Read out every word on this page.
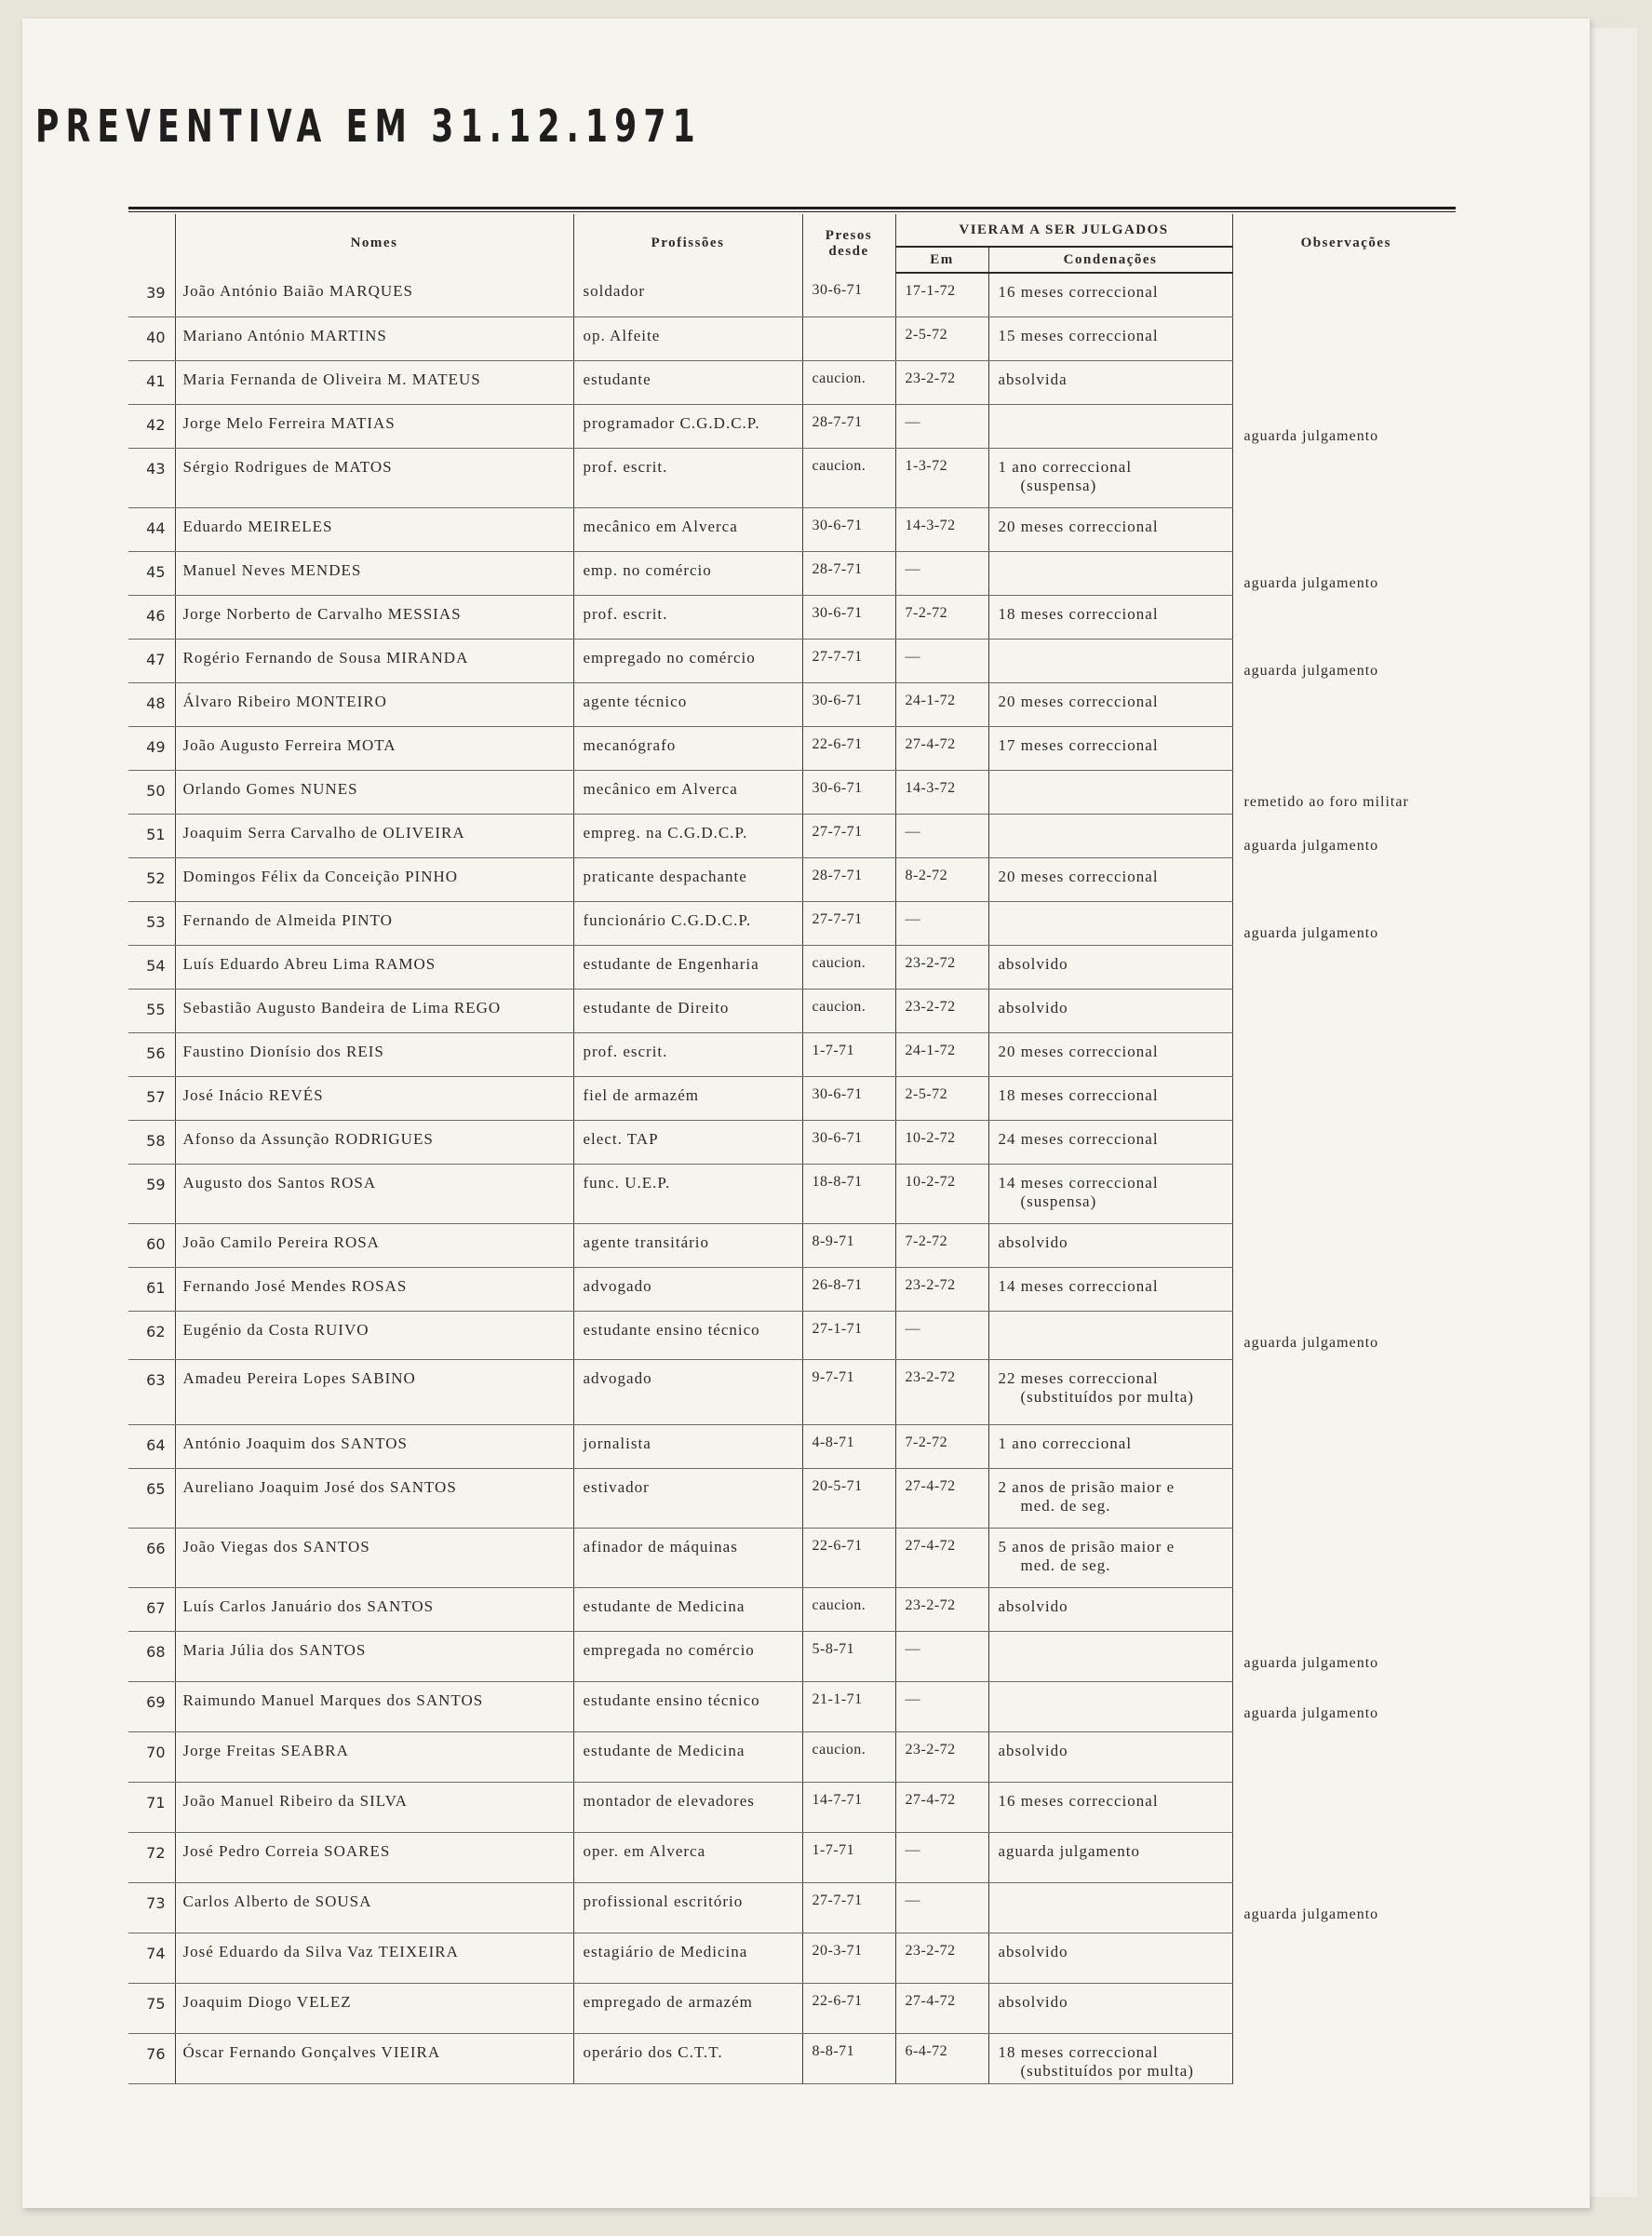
PREVENTIVA EM 31.12.1971
	Nomes	Profissões	Presos desde	VIERAM A SER JULGADOS		Observações
				Em	Condenações	
39	João António Baião MARQUES	soldador	30-6-71	17-1-72	16 meses correccional	
40	Mariano António MARTINS	op. Alfeite		2-5-72	15 meses correccional	
41	Maria Fernanda de Oliveira M. MATEUS	estudante	caucion.	23-2-72	absolvida	
42	Jorge Melo Ferreira MATIAS	programador C.G.D.C.P.	28-7-71	—		aguarda julgamento
43	Sérgio Rodrigues de MATOS	prof. escrit.	caucion.	1-3-72	1 ano correccional
(suspensa)	

44	Eduardo MEIRELES	mecânico em Alverca	30-6-71	14-3-72	20 meses correccional	
45	Manuel Neves MENDES	emp. no comércio	28-7-71	—		aguarda julgamento
46	Jorge Norberto de Carvalho MESSIAS	prof. escrit.	30-6-71	7-2-72	18 meses correccional	
47	Rogério Fernando de Sousa MIRANDA	empregado no comércio	27-7-71	—		aguarda julgamento
48	Álvaro Ribeiro MONTEIRO	agente técnico	30-6-71	24-1-72	20 meses correccional	
49	João Augusto Ferreira MOTA	mecanógrafo	22-6-71	27-4-72	17 meses correccional	
50	Orlando Gomes NUNES	mecânico em Alverca	30-6-71	14-3-72		remetido ao foro militar
51	Joaquim Serra Carvalho de OLIVEIRA	empreg. na C.G.D.C.P.	27-7-71	—		aguarda julgamento
52	Domingos Félix da Conceição PINHO	praticante despachante	28-7-71	8-2-72	20 meses correccional	
53	Fernando de Almeida PINTO	funcionário C.G.D.C.P.	27-7-71	—		aguarda julgamento
54	Luís Eduardo Abreu Lima RAMOS	estudante de Engenharia	caucion.	23-2-72	absolvido	
55	Sebastião Augusto Bandeira de Lima REGO	estudante de Direito	caucion.	23-2-72	absolvido	
56	Faustino Dionísio dos REIS	prof. escrit.	1-7-71	24-1-72	20 meses correccional	
57	José Inácio REVÉS	fiel de armazém	30-6-71	2-5-72	18 meses correccional	
58	Afonso da Assunção RODRIGUES	elect. TAP	30-6-71	10-2-72	24 meses correccional	
59	Augusto dos Santos ROSA	func. U.E.P.	18-8-71	10-2-72	14 meses correccional
(suspensa)	

60	João Camilo Pereira ROSA	agente transitário	8-9-71	7-2-72	absolvido	
61	Fernando José Mendes ROSAS	advogado	26-8-71	23-2-72	14 meses correccional	
62	Eugénio da Costa RUIVO	estudante ensino técnico	27-1-71	—		aguarda julgamento
63	Amadeu Pereira Lopes SABINO	advogado	9-7-71	23-2-72	22 meses correccional
(substituídos por multa)	

64	António Joaquim dos SANTOS	jornalista	4-8-71	7-2-72	1 ano correccional	
65	Aureliano Joaquim José dos SANTOS	estivador	20-5-71	27-4-72	2 anos de prisão maior e
med. de seg.	

66	João Viegas dos SANTOS	afinador de máquinas	22-6-71	27-4-72	5 anos de prisão maior e
med. de seg.	

67	Luís Carlos Januário dos SANTOS	estudante de Medicina	caucion.	23-2-72	absolvido	
68	Maria Júlia dos SANTOS	empregada no comércio	5-8-71	—		aguarda julgamento
69	Raimundo Manuel Marques dos SANTOS	estudante ensino técnico	21-1-71	—		aguarda julgamento
70	Jorge Freitas SEABRA	estudante de Medicina	caucion.	23-2-72	absolvido	
71	João Manuel Ribeiro da SILVA	montador de elevadores	14-7-71	27-4-72	16 meses correccional	
72	José Pedro Correia SOARES	oper. em Alverca	1-7-71	—	aguarda julgamento	
73	Carlos Alberto de SOUSA	profissional escritório	27-7-71	—		aguarda julgamento
74	José Eduardo da Silva Vaz TEIXEIRA	estagiário de Medicina	20-3-71	23-2-72	absolvido	
75	Joaquim Diogo VELEZ	empregado de armazém	22-6-71	27-4-72	absolvido	
76	Óscar Fernando Gonçalves VIEIRA	operário dos C.T.T.	8-8-71	6-4-72	18 meses correccional
(substituídos por multa)	
